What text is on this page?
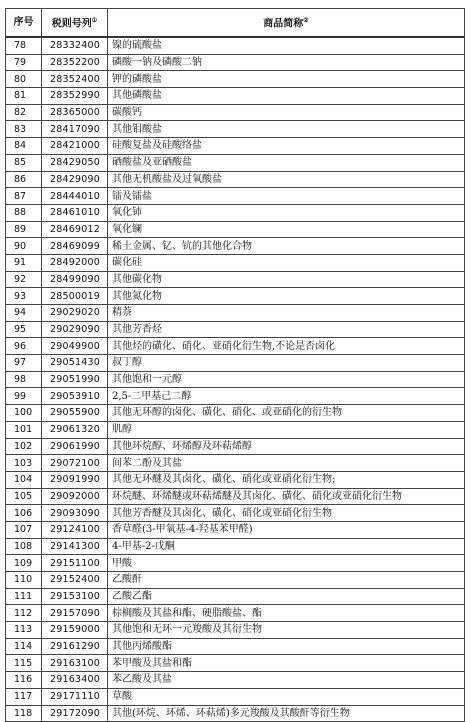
序号	税则号列①	商品简称②
78	28332400	镍的硫酸盐
79	28352200	磷酸一钠及磷酸二钠
80	28352400	钾的磷酸盐
81	28352990	其他磷酸盐
82	28365000	碳酸钙
83	28417090	其他钼酸盐
84	28421000	硅酸复盐及硅酸络盐
85	28429050	硒酸盐及亚硒酸盐
86	28429090	其他无机酸盐及过氧酸盐
87	28444010	镭及镭盐
88	28461010	氧化铈
89	28469012	氧化镧
90	28469099	稀土金属、钇、钪的其他化合物
91	28492000	碳化硅
92	28499090	其他碳化物
93	28500019	其他氮化物
94	29029020	精萘
95	29029090	其他芳香烃
96	29049900	其他烃的磺化、硝化、亚硝化衍生物,不论是否卤化
97	29051430	叔丁醇
98	29051990	其他饱和一元醇
99	29053910	2,5-二甲基己二醇
100	29055900	其他无环醇的卤化、磺化、硝化、或亚硝化的衍生物
101	29061320	肌醇
102	29061990	其他环烷醇、环烯醇及环萜烯醇
103	29072100	间苯二酚及其盐
104	29091990	其他无环醚及其卤化、磺化、硝化或亚硝化衍生物;
105	29092000	环烷醚、环烯醚或环萜烯醚及其卤化、磺化、硝化或亚硝化衍生物
106	29093090	其他芳香醚及其卤化、磺化、硝化或亚硝化衍生物
107	29124100	香草醛(3-甲氧基-4-羟基苯甲醛)
108	29141300	4-甲基-2-戊酮
109	29151100	甲酸
110	29152400	乙酸酐
111	29153100	乙酸乙酯
112	29157090	棕榈酸及其盐和酯、硬脂酸盐、酯
113	29159000	其他饱和无环一元羧酸及其衍生物
114	29161290	其他丙烯酸酯
115	29163100	苯甲酸及其盐和酯
116	29163400	苯乙酸及其盐
117	29171110	草酸
118	29172090	其他(环烷、环烯、环萜烯)多元羧酸及其酸酐等衍生物
